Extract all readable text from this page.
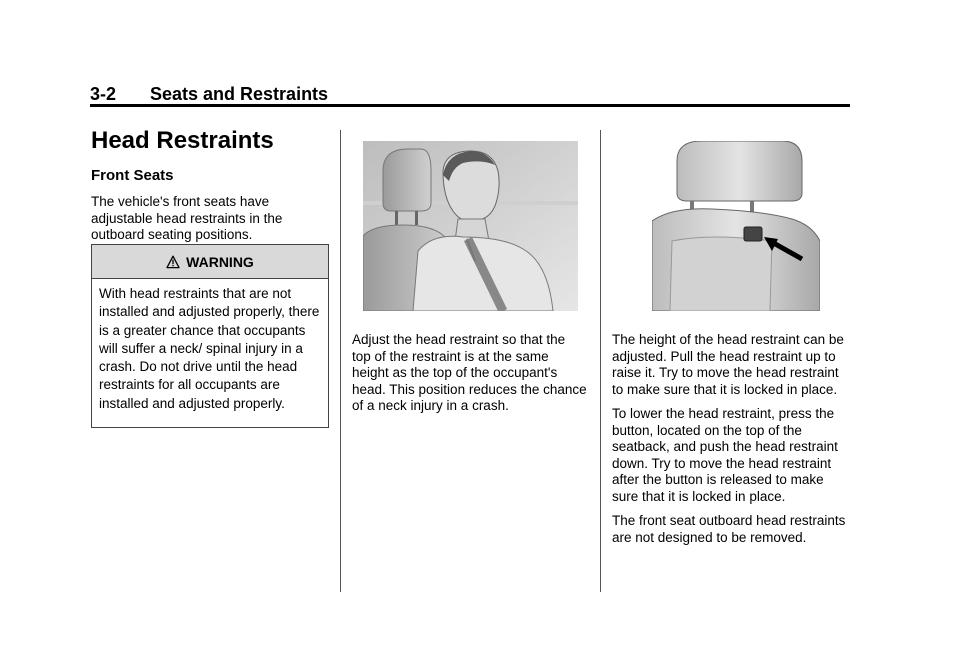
3-2 Seats and Restraints
Head Restraints
Front Seats
The vehicle's front seats have adjustable head restraints in the outboard seating positions.
WARNING
With head restraints that are not installed and adjusted properly, there is a greater chance that occupants will suffer a neck/ spinal injury in a crash. Do not drive until the head restraints for all occupants are installed and adjusted properly.
Adjust the head restraint so that the top of the restraint is at the same height as the top of the occupant's head. This position reduces the chance of a neck injury in a crash.
The height of the head restraint can be adjusted. Pull the head restraint up to raise it. Try to move the head restraint to make sure that it is locked in place.
To lower the head restraint, press the button, located on the top of the seatback, and push the head restraint down. Try to move the head restraint after the button is released to make sure that it is locked in place.
The front seat outboard head restraints are not designed to be removed.
